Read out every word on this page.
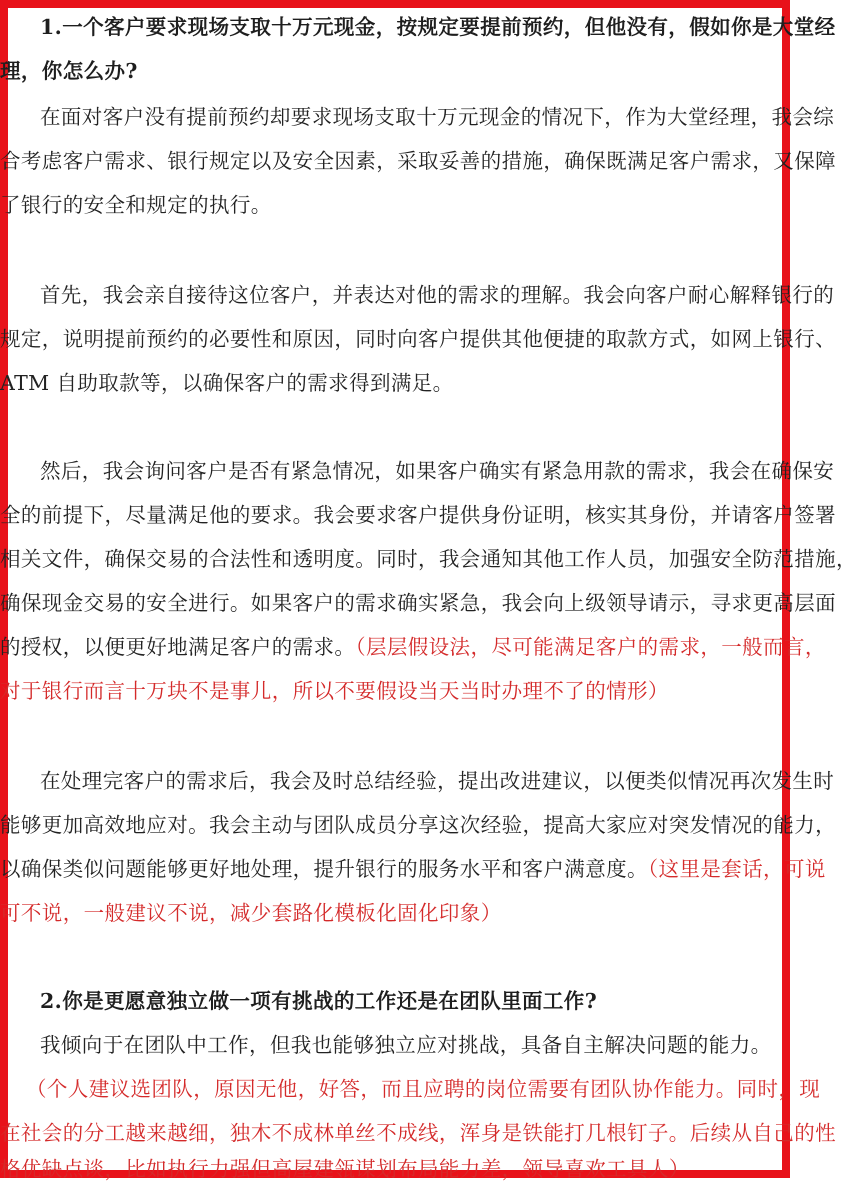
1.一个客户要求现场支取十万元现金，按规定要提前预约，但他没有，假如你是大堂经
理，你怎么办?
在面对客户没有提前预约却要求现场支取十万元现金的情况下，作为大堂经理，我会综
合考虑客户需求、银行规定以及安全因素，采取妥善的措施，确保既满足客户需求，又保障
了银行的安全和规定的执行。
首先，我会亲自接待这位客户，并表达对他的需求的理解。我会向客户耐心解释银行的
规定，说明提前预约的必要性和原因，同时向客户提供其他便捷的取款方式，如网上银行、
ATM 自助取款等，以确保客户的需求得到满足。
然后，我会询问客户是否有紧急情况，如果客户确实有紧急用款的需求，我会在确保安
全的前提下，尽量满足他的要求。我会要求客户提供身份证明，核实其身份，并请客户签署
相关文件，确保交易的合法性和透明度。同时，我会通知其他工作人员，加强安全防范措施，
确保现金交易的安全进行。如果客户的需求确实紧急，我会向上级领导请示，寻求更高层面
的授权，以便更好地满足客户的需求。（层层假设法，尽可能满足客户的需求，一般而言，
对于银行而言十万块不是事儿，所以不要假设当天当时办理不了的情形）
在处理完客户的需求后，我会及时总结经验，提出改进建议，以便类似情况再次发生时
能够更加高效地应对。我会主动与团队成员分享这次经验，提高大家应对突发情况的能力，
以确保类似问题能够更好地处理，提升银行的服务水平和客户满意度。（这里是套话，可说
可不说，一般建议不说，减少套路化模板化固化印象）
2.你是更愿意独立做一项有挑战的工作还是在团队里面工作?
我倾向于在团队中工作，但我也能够独立应对挑战，具备自主解决问题的能力。
（个人建议选团队，原因无他，好答，而且应聘的岗位需要有团队协作能力。同时，现
在社会的分工越来越细，独木不成林单丝不成线，浑身是铁能打几根钉子。后续从自己的性
格优缺点谈，比如执行力强但高屋建瓴谋划布局能力差，领导喜欢工具人）
